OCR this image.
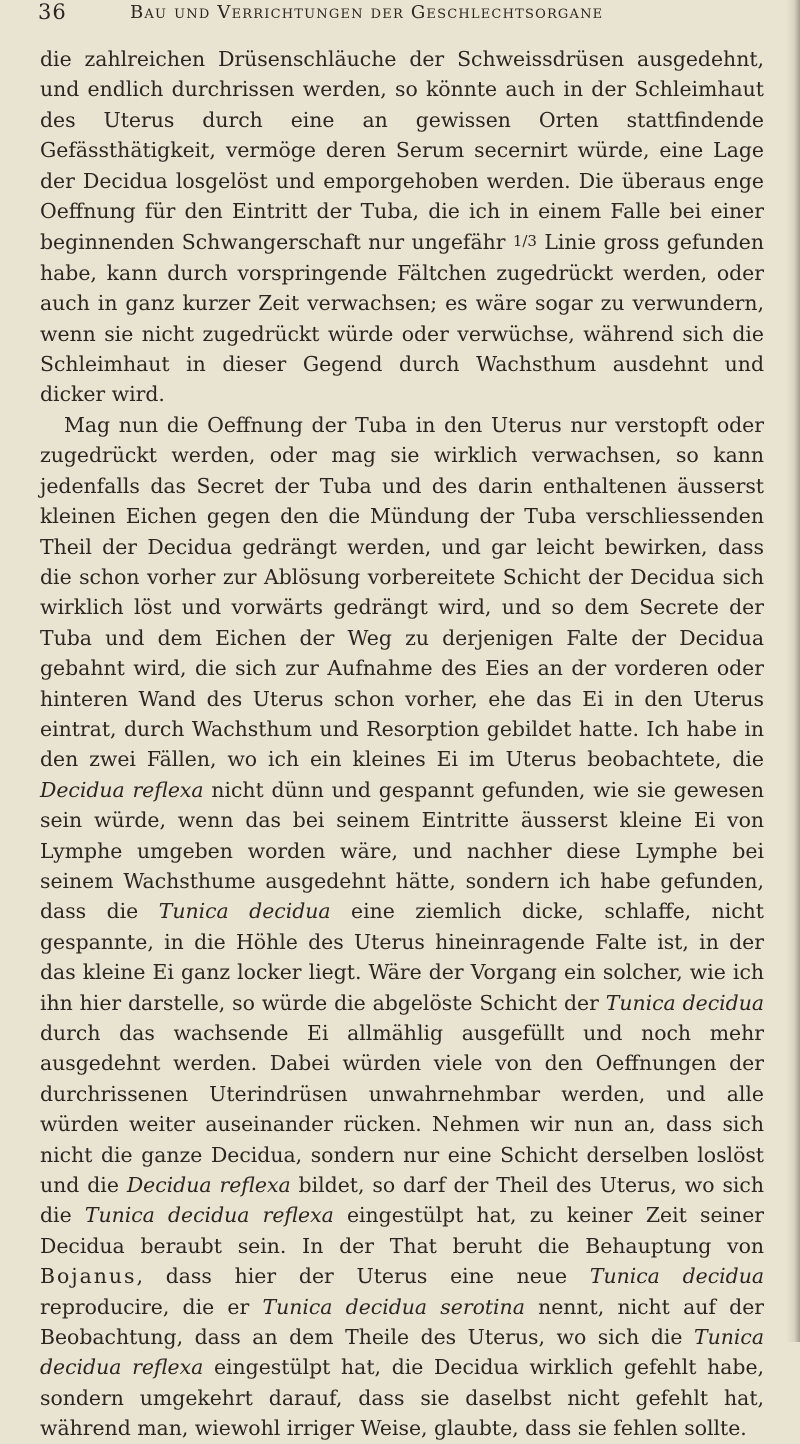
36	Bau und Verrichtungen der Geschlechtsorgane

die zahlreichen Drüsenschläuche der Schweissdrüsen ausgedehnt, und endlich durchrissen werden, so könnte auch in der Schleimhaut des Uterus durch eine an gewissen Orten stattfindende Gefässthätigkeit, vermöge deren Serum secernirt würde, eine Lage der Decidua losgelöst und emporgehoben werden. Die überaus enge Oeffnung für den Eintritt der Tuba, die ich in einem Falle bei einer beginnenden Schwangerschaft nur ungefähr 1/3 Linie gross gefunden habe, kann durch vorspringende Fältchen zugedrückt werden, oder auch in ganz kurzer Zeit verwachsen; es wäre sogar zu verwundern, wenn sie nicht zugedrückt würde oder verwüchse, während sich die Schleimhaut in dieser Gegend durch Wachsthum ausdehnt und dicker wird.

Mag nun die Oeffnung der Tuba in den Uterus nur verstopft oder zugedrückt werden, oder mag sie wirklich verwachsen, so kann jedenfalls das Secret der Tuba und des darin enthaltenen äusserst kleinen Eichen gegen den die Mündung der Tuba verschliessenden Theil der Decidua gedrängt werden, und gar leicht bewirken, dass die schon vorher zur Ablösung vorbereitete Schicht der Decidua sich wirklich löst und vorwärts gedrängt wird, und so dem Secrete der Tuba und dem Eichen der Weg zu derjenigen Falte der Decidua gebahnt wird, die sich zur Aufnahme des Eies an der vorderen oder hinteren Wand des Uterus schon vorher, ehe das Ei in den Uterus eintrat, durch Wachsthum und Resorption gebildet hatte. Ich habe in den zwei Fällen, wo ich ein kleines Ei im Uterus beobachtete, die Decidua reflexa nicht dünn und gespannt gefunden, wie sie gewesen sein würde, wenn das bei seinem Eintritte äusserst kleine Ei von Lymphe umgeben worden wäre, und nachher diese Lymphe bei seinem Wachsthume ausgedehnt hätte, sondern ich habe gefunden, dass die Tunica decidua eine ziemlich dicke, schlaffe, nicht gespannte, in die Höhle des Uterus hineinragende Falte ist, in der das kleine Ei ganz locker liegt. Wäre der Vorgang ein solcher, wie ich ihn hier darstelle, so würde die abgelöste Schicht der Tunica decidua durch das wachsende Ei allmählig ausgefüllt und noch mehr ausgedehnt werden. Dabei würden viele von den Oeffnungen der durchrissenen Uterindrüsen unwahrnehmbar werden, und alle würden weiter auseinander rücken. Nehmen wir nun an, dass sich nicht die ganze Decidua, sondern nur eine Schicht derselben loslöst und die Decidua reflexa bildet, so darf der Theil des Uterus, wo sich die Tunica decidua reflexa eingestülpt hat, zu keiner Zeit seiner Decidua beraubt sein. In der That beruht die Behauptung von Bojanus, dass hier der Uterus eine neue Tunica decidua reproducire, die er Tunica decidua serotina nennt, nicht auf der Beobachtung, dass an dem Theile des Uterus, wo sich die Tunica decidua reflexa eingestülpt hat, die Decidua wirklich gefehlt habe, sondern umgekehrt darauf, dass sie daselbst nicht gefehlt hat, während man, wiewohl irriger Weise, glaubte, dass sie fehlen sollte.
